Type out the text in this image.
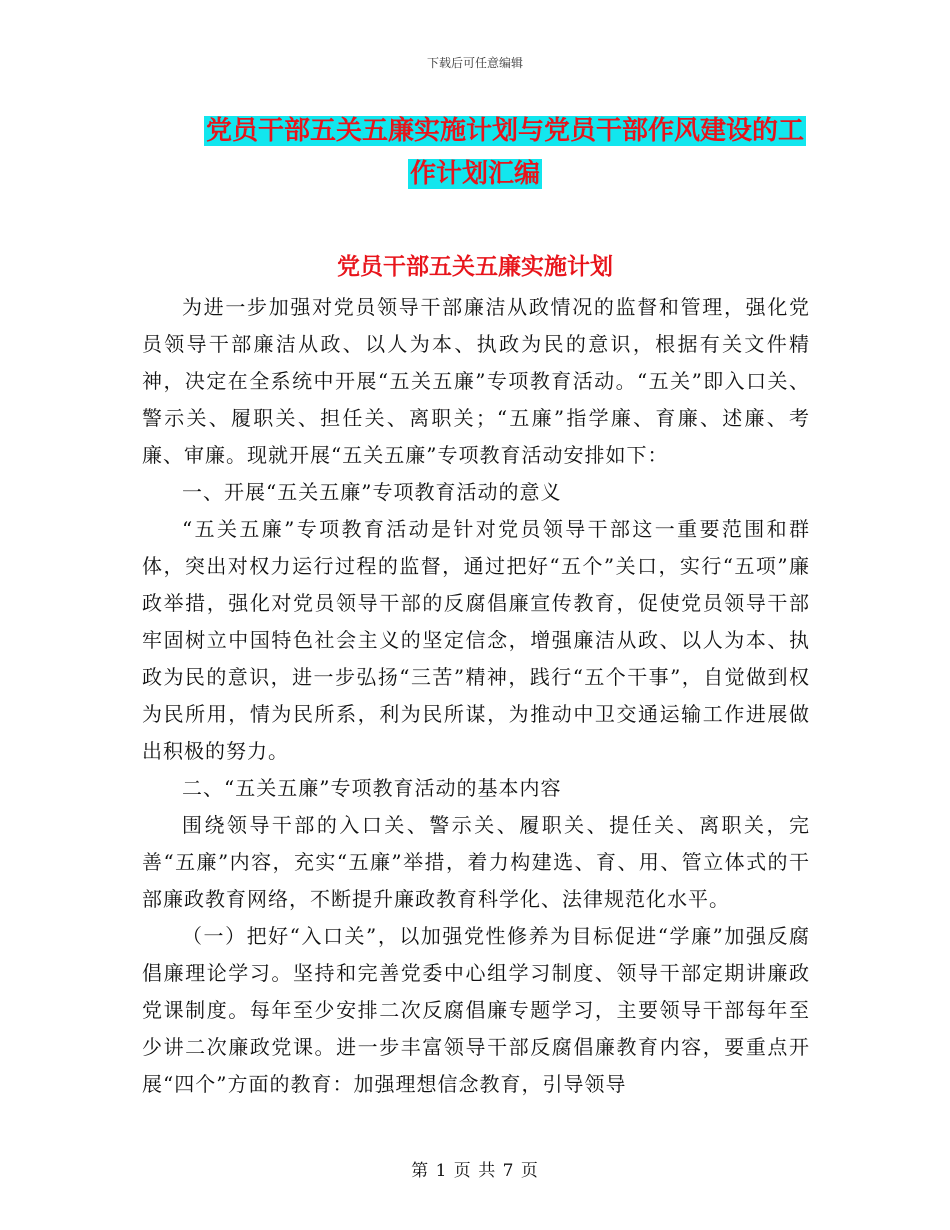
下载后可任意编辑
党员干部五关五廉实施计划与党员干部作风建设的工
作计划汇编
党员干部五关五廉实施计划

为进一步加强对党员领导干部廉洁从政情况的监督和管理，强化党员领导干部廉洁从政、以人为本、执政为民的意识，根据有关文件精神，决定在全系统中开展“五关五廉”专项教育活动。“五关”即入口关、警示关、履职关、担任关、离职关；“五廉”指学廉、育廉、述廉、考廉、审廉。现就开展“五关五廉”专项教育活动安排如下：

一、开展“五关五廉”专项教育活动的意义

“五关五廉”专项教育活动是针对党员领导干部这一重要范围和群体，突出对权力运行过程的监督，通过把好“五个”关口，实行“五项”廉政举措，强化对党员领导干部的反腐倡廉宣传教育，促使党员领导干部牢固树立中国特色社会主义的坚定信念，增强廉洁从政、以人为本、执政为民的意识，进一步弘扬“三苦”精神，践行“五个干事”，自觉做到权为民所用，情为民所系，利为民所谋，为推动中卫交通运输工作进展做出积极的努力。

二、“五关五廉”专项教育活动的基本内容

围绕领导干部的入口关、警示关、履职关、提任关、离职关，完善“五廉”内容，充实“五廉”举措，着力构建选、育、用、管立体式的干部廉政教育网络，不断提升廉政教育科学化、法律规范化水平。

（一）把好“入口关”，以加强党性修养为目标促进“学廉”加强反腐倡廉理论学习。坚持和完善党委中心组学习制度、领导干部定期讲廉政党课制度。每年至少安排二次反腐倡廉专题学习，主要领导干部每年至少讲二次廉政党课。进一步丰富领导干部反腐倡廉教育内容，要重点开展“四个”方面的教育：加强理想信念教育，引导领导

第 1 页 共 7 页
